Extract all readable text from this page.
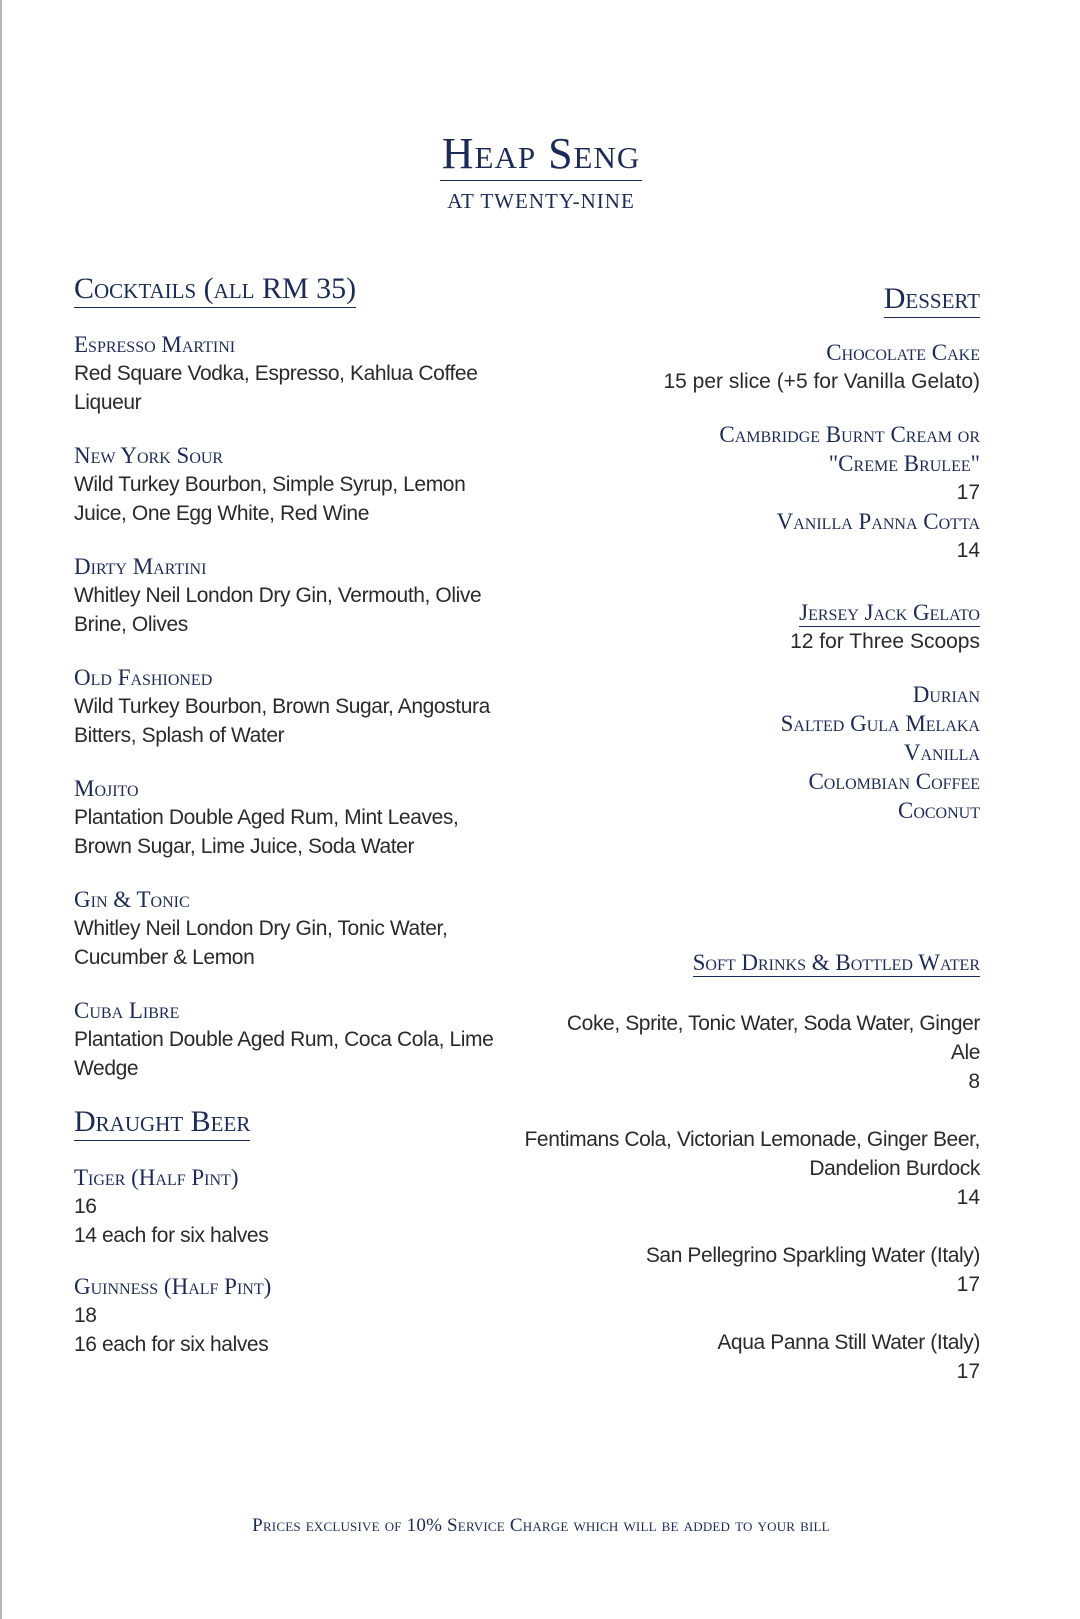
Heap Seng
AT TWENTY-NINE
Cocktails (all RM 35)
Espresso Martini
Red Square Vodka, Espresso, Kahlua Coffee Liqueur
New York Sour
Wild Turkey Bourbon, Simple Syrup, Lemon Juice, One Egg White, Red Wine
Dirty Martini
Whitley Neil London Dry Gin, Vermouth, Olive Brine, Olives
Old Fashioned
Wild Turkey Bourbon, Brown Sugar, Angostura Bitters, Splash of Water
Mojito
Plantation Double Aged Rum, Mint Leaves, Brown Sugar, Lime Juice, Soda Water
Gin & Tonic
Whitley Neil London Dry Gin, Tonic Water, Cucumber & Lemon
Cuba Libre
Plantation Double Aged Rum, Coca Cola, Lime Wedge
Draught Beer
Tiger (Half Pint)
16
14 each for six halves
Guinness (Half Pint)
18
16 each for six halves
Dessert
Chocolate Cake
15 per slice (+5 for Vanilla Gelato)
Cambridge Burnt Cream or
"Creme Brulee"
17
Vanilla Panna Cotta
14
Jersey Jack Gelato
12 for Three Scoops
Durian
Salted Gula Melaka
Vanilla
Colombian Coffee
Coconut
Soft Drinks & Bottled Water
Coke, Sprite, Tonic Water, Soda Water, Ginger
Ale
8
Fentimans Cola, Victorian Lemonade, Ginger Beer,
Dandelion Burdock
14
San Pellegrino Sparkling Water (Italy)
17
Aqua Panna Still Water (Italy)
17
Prices exclusive of 10% Service Charge which will be added to your bill
